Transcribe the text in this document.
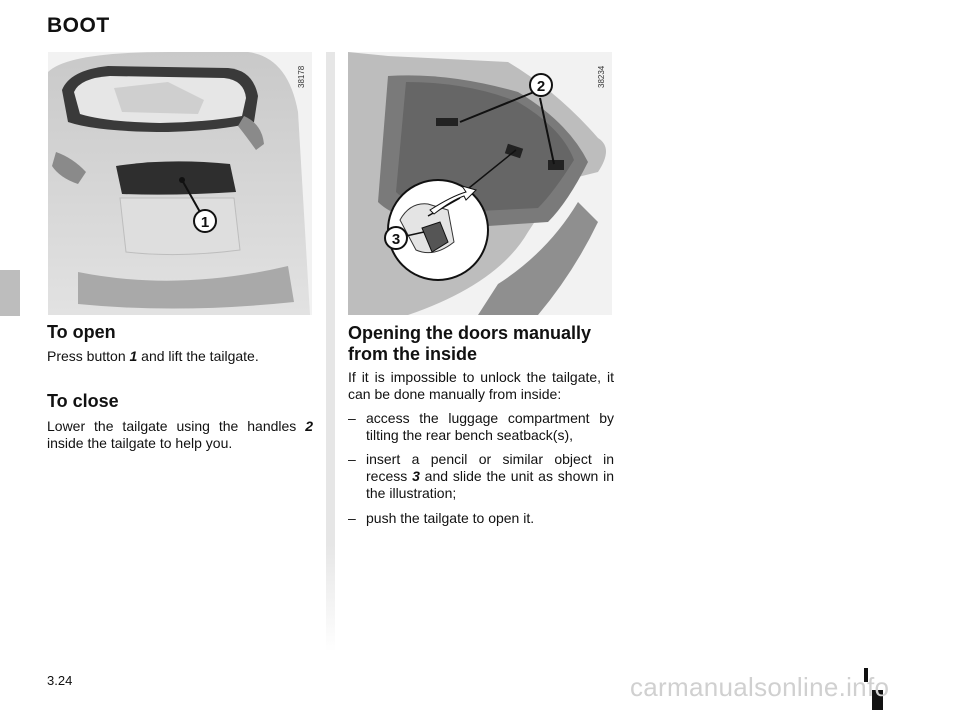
BOOT
1
38178	2
3
38234
To open

Press button 1 and lift the tailgate.

To close

Lower the tailgate using the handles 2 inside the tailgate to help you.

Opening the doors manually
from the inside

If it is impossible to unlock the tailgate, it can be done manually from inside:

– access the luggage compartment by tilting the rear bench seatback(s),
– insert a pencil or similar object in recess 3 and slide the unit as shown in the illustration;
– push the tailgate to open it.

3.24	carmanualsonline.info
